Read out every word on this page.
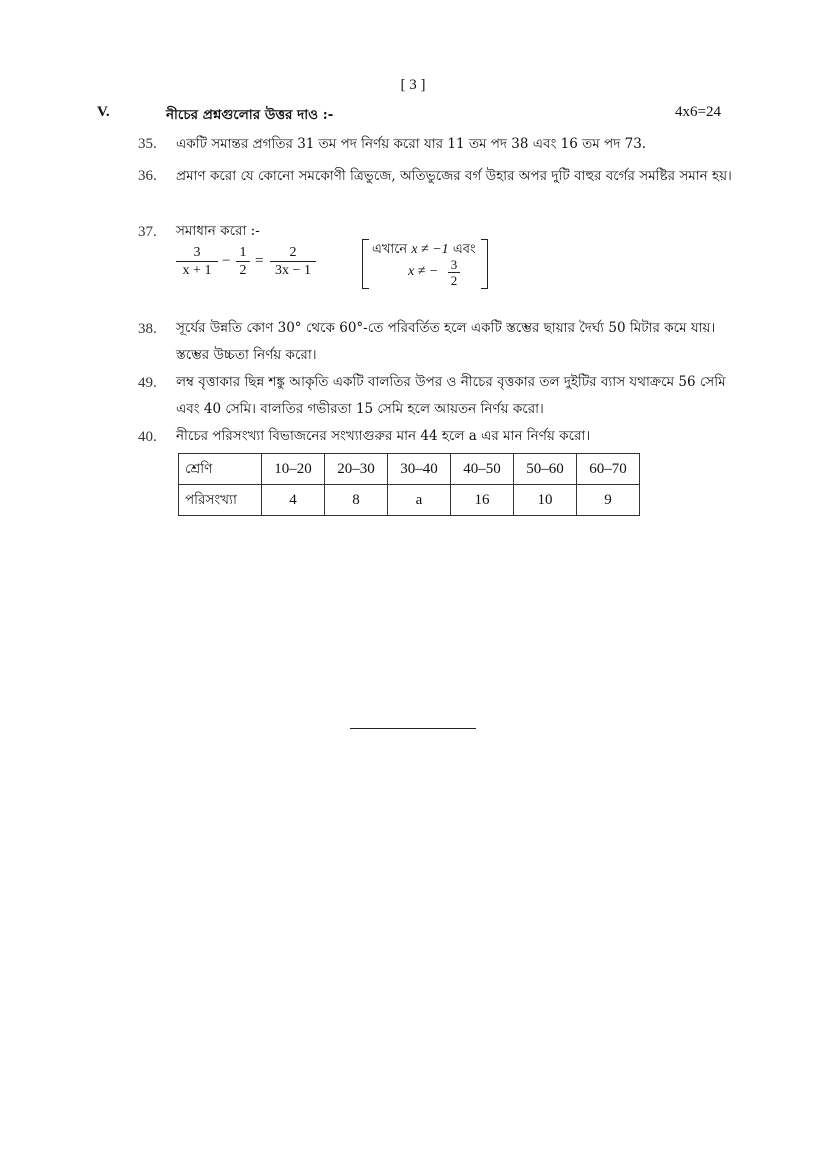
[ 3 ]
V.	নীচের প্রশ্নগুলোর উত্তর দাও :-	4x6=24
35. একটি সমান্তর প্রগতির 31 তম পদ নির্ণয় করো যার 11 তম পদ 38 এবং 16 তম পদ 73.
36. প্রমাণ করো যে কোনো সমকোণী ত্রিভুজে, অতিভুজের বর্গ উহার অপর দুটি বাহুর বর্গের সমষ্টির সমান হয়।
37. সমাধান করো :-
3
x + 1
−
1
2
=
2
3x − 1
এখানে x ≠ −1 এবং
x ≠ − 3
2
38. সূর্যের উন্নতি কোণ 30° থেকে 60°-তে পরিবর্তিত হলে একটি স্তম্ভের ছায়ার দৈর্ঘ্য 50 মিটার কমে যায়। স্তম্ভের উচ্চতা নির্ণয় করো।
49. লম্ব বৃত্তাকার ছিন্ন শঙ্কু আকৃতি একটি বালতির উপর ও নীচের বৃত্তকার তল দুইটির ব্যাস যথাক্রমে 56 সেমি এবং 40 সেমি। বালতির গভীরতা 15 সেমি হলে আয়তন নির্ণয় করো।
40. নীচের পরিসংখ্যা বিভাজনের সংখ্যাগুরুর মান 44 হলে a এর মান নির্ণয় করো।
শ্রেণি	10–20	20–30	30–40	40–50	50–60	60–70
পরিসংখ্যা	4	8	a	16	10	9
